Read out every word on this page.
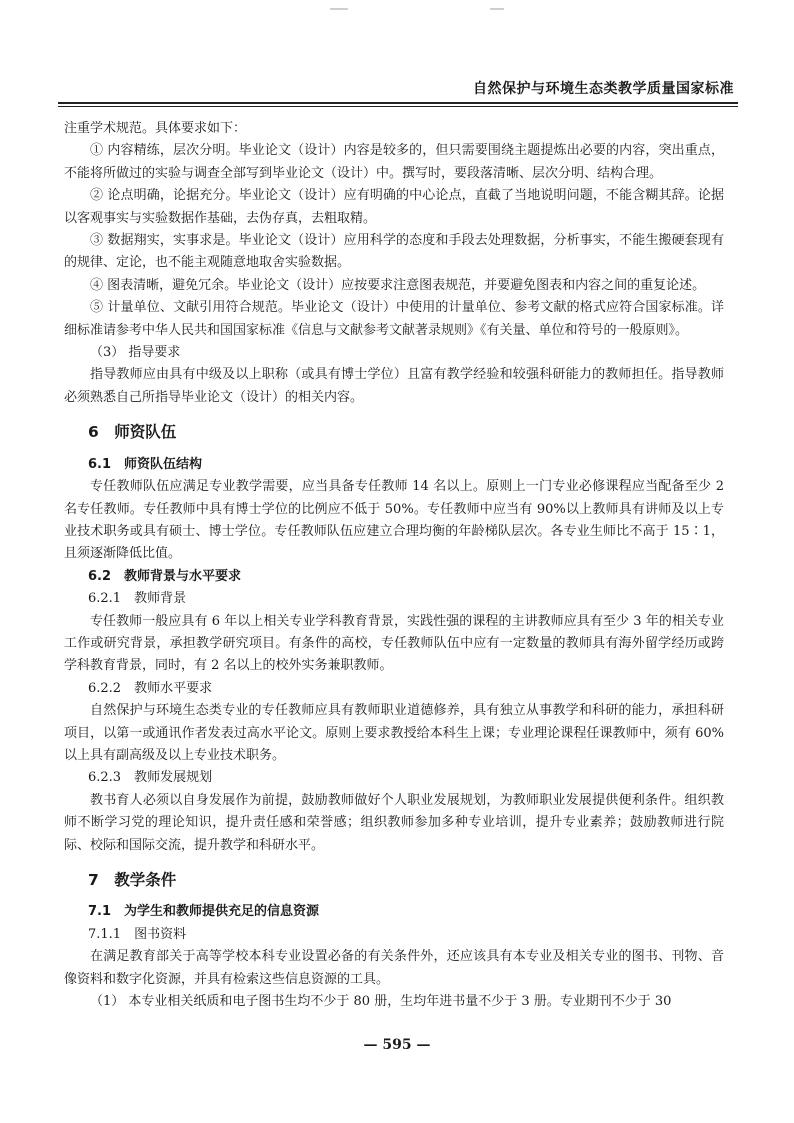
自然保护与环境生态类教学质量国家标准

注重学术规范。具体要求如下：

① 内容精练，层次分明。毕业论文（设计）内容是较多的，但只需要围绕主题提炼出必要的内容，突出重点，不能将所做过的实验与调查全部写到毕业论文（设计）中。撰写时，要段落清晰、层次分明、结构合理。

② 论点明确，论据充分。毕业论文（设计）应有明确的中心论点，直截了当地说明问题，不能含糊其辞。论据以客观事实与实验数据作基础，去伪存真，去粗取精。

③ 数据翔实，实事求是。毕业论文（设计）应用科学的态度和手段去处理数据，分析事实，不能生搬硬套现有的规律、定论，也不能主观随意地取舍实验数据。

④ 图表清晰，避免冗余。毕业论文（设计）应按要求注意图表规范，并要避免图表和内容之间的重复论述。

⑤ 计量单位、文献引用符合规范。毕业论文（设计）中使用的计量单位、参考文献的格式应符合国家标准。详细标准请参考中华人民共和国国家标准《信息与文献参考文献著录规则》《有关量、单位和符号的一般原则》。

（3） 指导要求

指导教师应由具有中级及以上职称（或具有博士学位）且富有教学经验和较强科研能力的教师担任。指导教师必须熟悉自己所指导毕业论文（设计）的相关内容。

6　师资队伍
6.1　师资队伍结构

专任教师队伍应满足专业教学需要，应当具备专任教师 14 名以上。原则上一门专业必修课程应当配备至少 2 名专任教师。专任教师中具有博士学位的比例应不低于 50%。专任教师中应当有 90%以上教师具有讲师及以上专业技术职务或具有硕士、博士学位。专任教师队伍应建立合理均衡的年龄梯队层次。各专业生师比不高于 15∶1，且须逐渐降低比值。

6.2　教师背景与水平要求
6.2.1　教师背景

专任教师一般应具有 6 年以上相关专业学科教育背景，实践性强的课程的主讲教师应具有至少 3 年的相关专业工作或研究背景，承担教学研究项目。有条件的高校，专任教师队伍中应有一定数量的教师具有海外留学经历或跨学科教育背景，同时，有 2 名以上的校外实务兼职教师。

6.2.2　教师水平要求

自然保护与环境生态类专业的专任教师应具有教师职业道德修养，具有独立从事教学和科研的能力，承担科研项目，以第一或通讯作者发表过高水平论文。原则上要求教授给本科生上课；专业理论课程任课教师中，须有 60%以上具有副高级及以上专业技术职务。

6.2.3　教师发展规划

教书育人必须以自身发展作为前提，鼓励教师做好个人职业发展规划，为教师职业发展提供便利条件。组织教师不断学习党的理论知识，提升责任感和荣誉感；组织教师参加多种专业培训，提升专业素养；鼓励教师进行院际、校际和国际交流，提升教学和科研水平。

7　教学条件
7.1　为学生和教师提供充足的信息资源
7.1.1　图书资料

在满足教育部关于高等学校本科专业设置必备的有关条件外，还应该具有本专业及相关专业的图书、刊物、音像资料和数字化资源，并具有检索这些信息资源的工具。

（1） 本专业相关纸质和电子图书生均不少于 80 册，生均年进书量不少于 3 册。专业期刊不少于 30

— 595 —
